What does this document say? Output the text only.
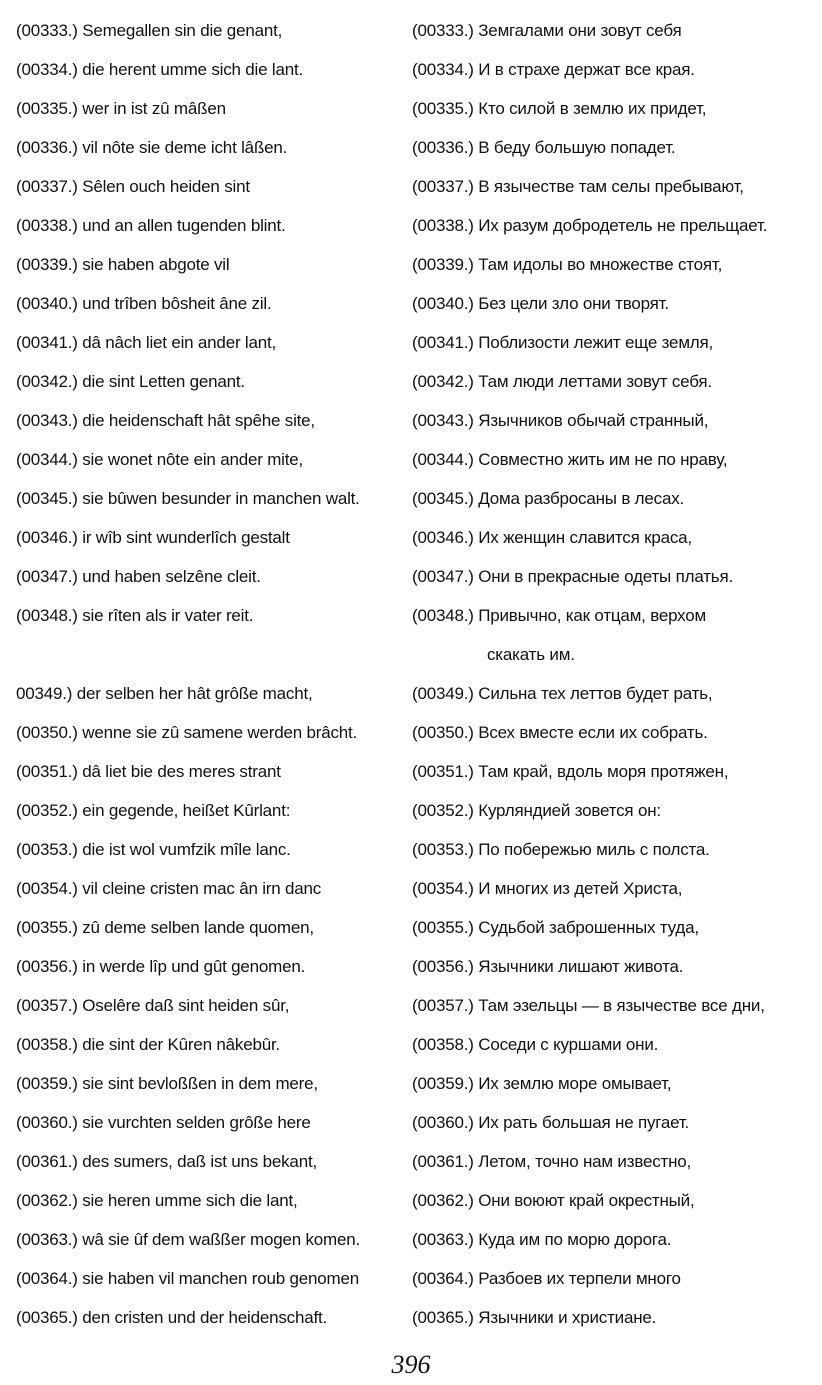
(00333.) Semegallen sin die genant,	(00333.) Земгалами они зовут себя
(00334.) die herent umme sich die lant.	(00334.) И в страхе держат все края.
(00335.) wer in ist zû mâßen	(00335.) Кто силой в землю их придет,
(00336.) vil nôte sie deme icht lâßen.	(00336.) В беду большую попадет.
(00337.) Sêlen ouch heiden sint	(00337.) В язычестве там селы пребывают,
(00338.) und an allen tugenden blint.	(00338.) Их разум добродетель не прельщает.
(00339.) sie haben abgote vil	(00339.) Там идолы во множестве стоят,
(00340.) und trîben bôsheit âne zil.	(00340.) Без цели зло они творят.
(00341.) dâ nâch liet ein ander lant,	(00341.) Поблизости лежит еще земля,
(00342.) die sint Letten genant.	(00342.) Там люди леттами зовут себя.
(00343.) die heidenschaft hât spêhe site,	(00343.) Язычников обычай странный,
(00344.) sie wonet nôte ein ander mite,	(00344.) Совместно жить им не по нраву,
(00345.) sie bûwen besunder in manchen walt.	(00345.) Дома разбросаны в лесах.
(00346.) ir wîb sint wunderlîch gestalt	(00346.) Их женщин славится краса,
(00347.) und haben selzêne cleit.	(00347.) Они в прекрасные одеты платья.
(00348.) sie rîten als ir vater reit.	(00348.) Привычно, как отцам, верхом
скакать им.
00349.) der selben her hât grôße macht,	(00349.) Сильна тех леттов будет рать,
(00350.) wenne sie zû samene werden brâcht.	(00350.) Всех вместе если их собрать.
(00351.) dâ liet bie des meres strant	(00351.) Там край, вдоль моря протяжен,
(00352.) ein gegende, heißet Kûrlant:	(00352.) Курляндией зовется он:
(00353.) die ist wol vumfzik mîle lanc.	(00353.) По побережью миль с полста.
(00354.) vil cleine cristen mac ân irn danc	(00354.) И многих из детей Христа,
(00355.) zû deme selben lande quomen,	(00355.) Судьбой заброшенных туда,
(00356.) in werde lîp und gût genomen.	(00356.) Язычники лишают живота.
(00357.) Oselêre daß sint heiden sûr,	(00357.) Там эзельцы — в язычестве все дни,
(00358.) die sint der Kûren nâkebûr.	(00358.) Соседи с куршами они.
(00359.) sie sint bevloßßen in dem mere,	(00359.) Их землю море омывает,
(00360.) sie vurchten selden grôße here	(00360.) Их рать большая не пугает.
(00361.) des sumers, daß ist uns bekant,	(00361.) Летом, точно нам известно,
(00362.) sie heren umme sich die lant,	(00362.) Они воюют край окрестный,
(00363.) wâ sie ûf dem waßßer mogen komen.	(00363.) Куда им по морю дорога.
(00364.) sie haben vil manchen roub genomen	(00364.) Разбоев их терпели много
(00365.) den cristen und der heidenschaft.	(00365.) Язычники и христиане.
396
